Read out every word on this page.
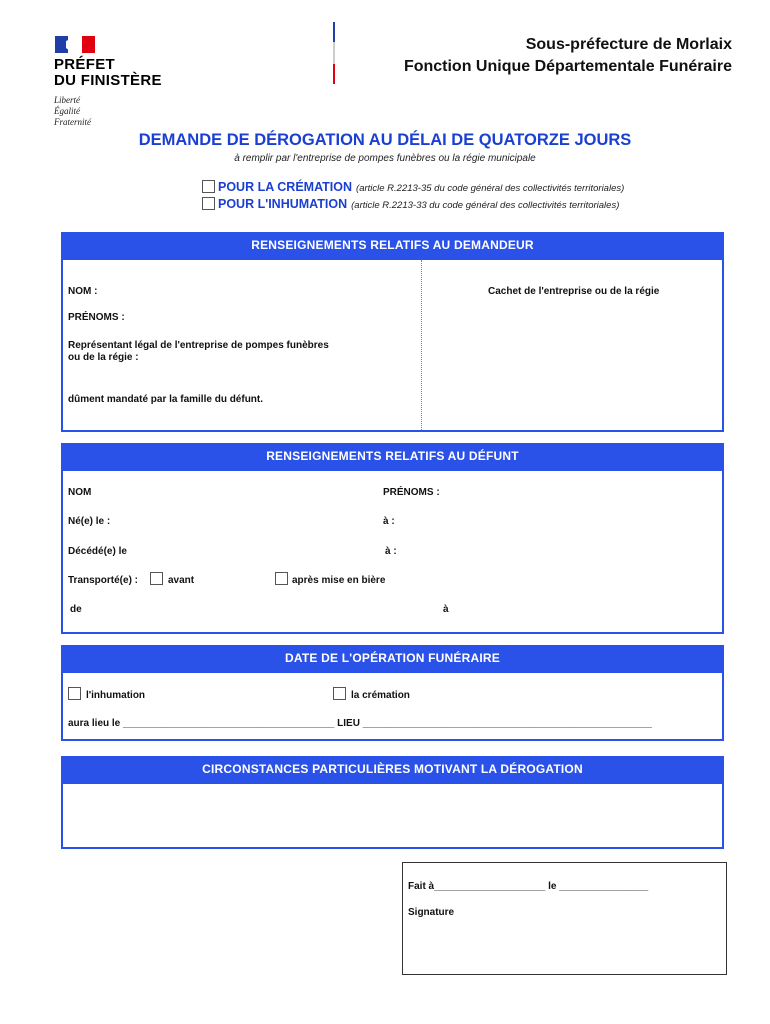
PRÉFET
DU FINISTÈRE
Liberté
Égalité
Fraternité
Sous-préfecture de Morlaix
Fonction Unique Départementale Funéraire
DEMANDE DE DÉROGATION AU DÉLAI DE QUATORZE JOURS
à remplir par l'entreprise de pompes funèbres ou la régie municipale
POUR LA CRÉMATION (article R.2213-35 du code général des collectivités territoriales)
POUR L'INHUMATION (article R.2213-33 du code général des collectivités territoriales)
RENSEIGNEMENTS RELATIFS AU DEMANDEUR
NOM :
PRÉNOMS :
Représentant légal de l'entreprise de pompes funèbres
ou de la régie :
dûment mandaté par la famille du défunt.
Cachet de l'entreprise ou de la régie
RENSEIGNEMENTS RELATIFS AU DÉFUNT
NOM	PRÉNOMS :
Né(e) le :	à :
Décédé(e) le	à :
Transporté(e) :	avant	après mise en bière
de	à
DATE DE L'OPÉRATION FUNÉRAIRE
l'inhumation	la crémation
aura lieu le ______________________________________ LIEU ____________________________________________________
CIRCONSTANCES PARTICULIÈRES MOTIVANT LA DÉROGATION
Fait à____________________ le ________________
Signature
